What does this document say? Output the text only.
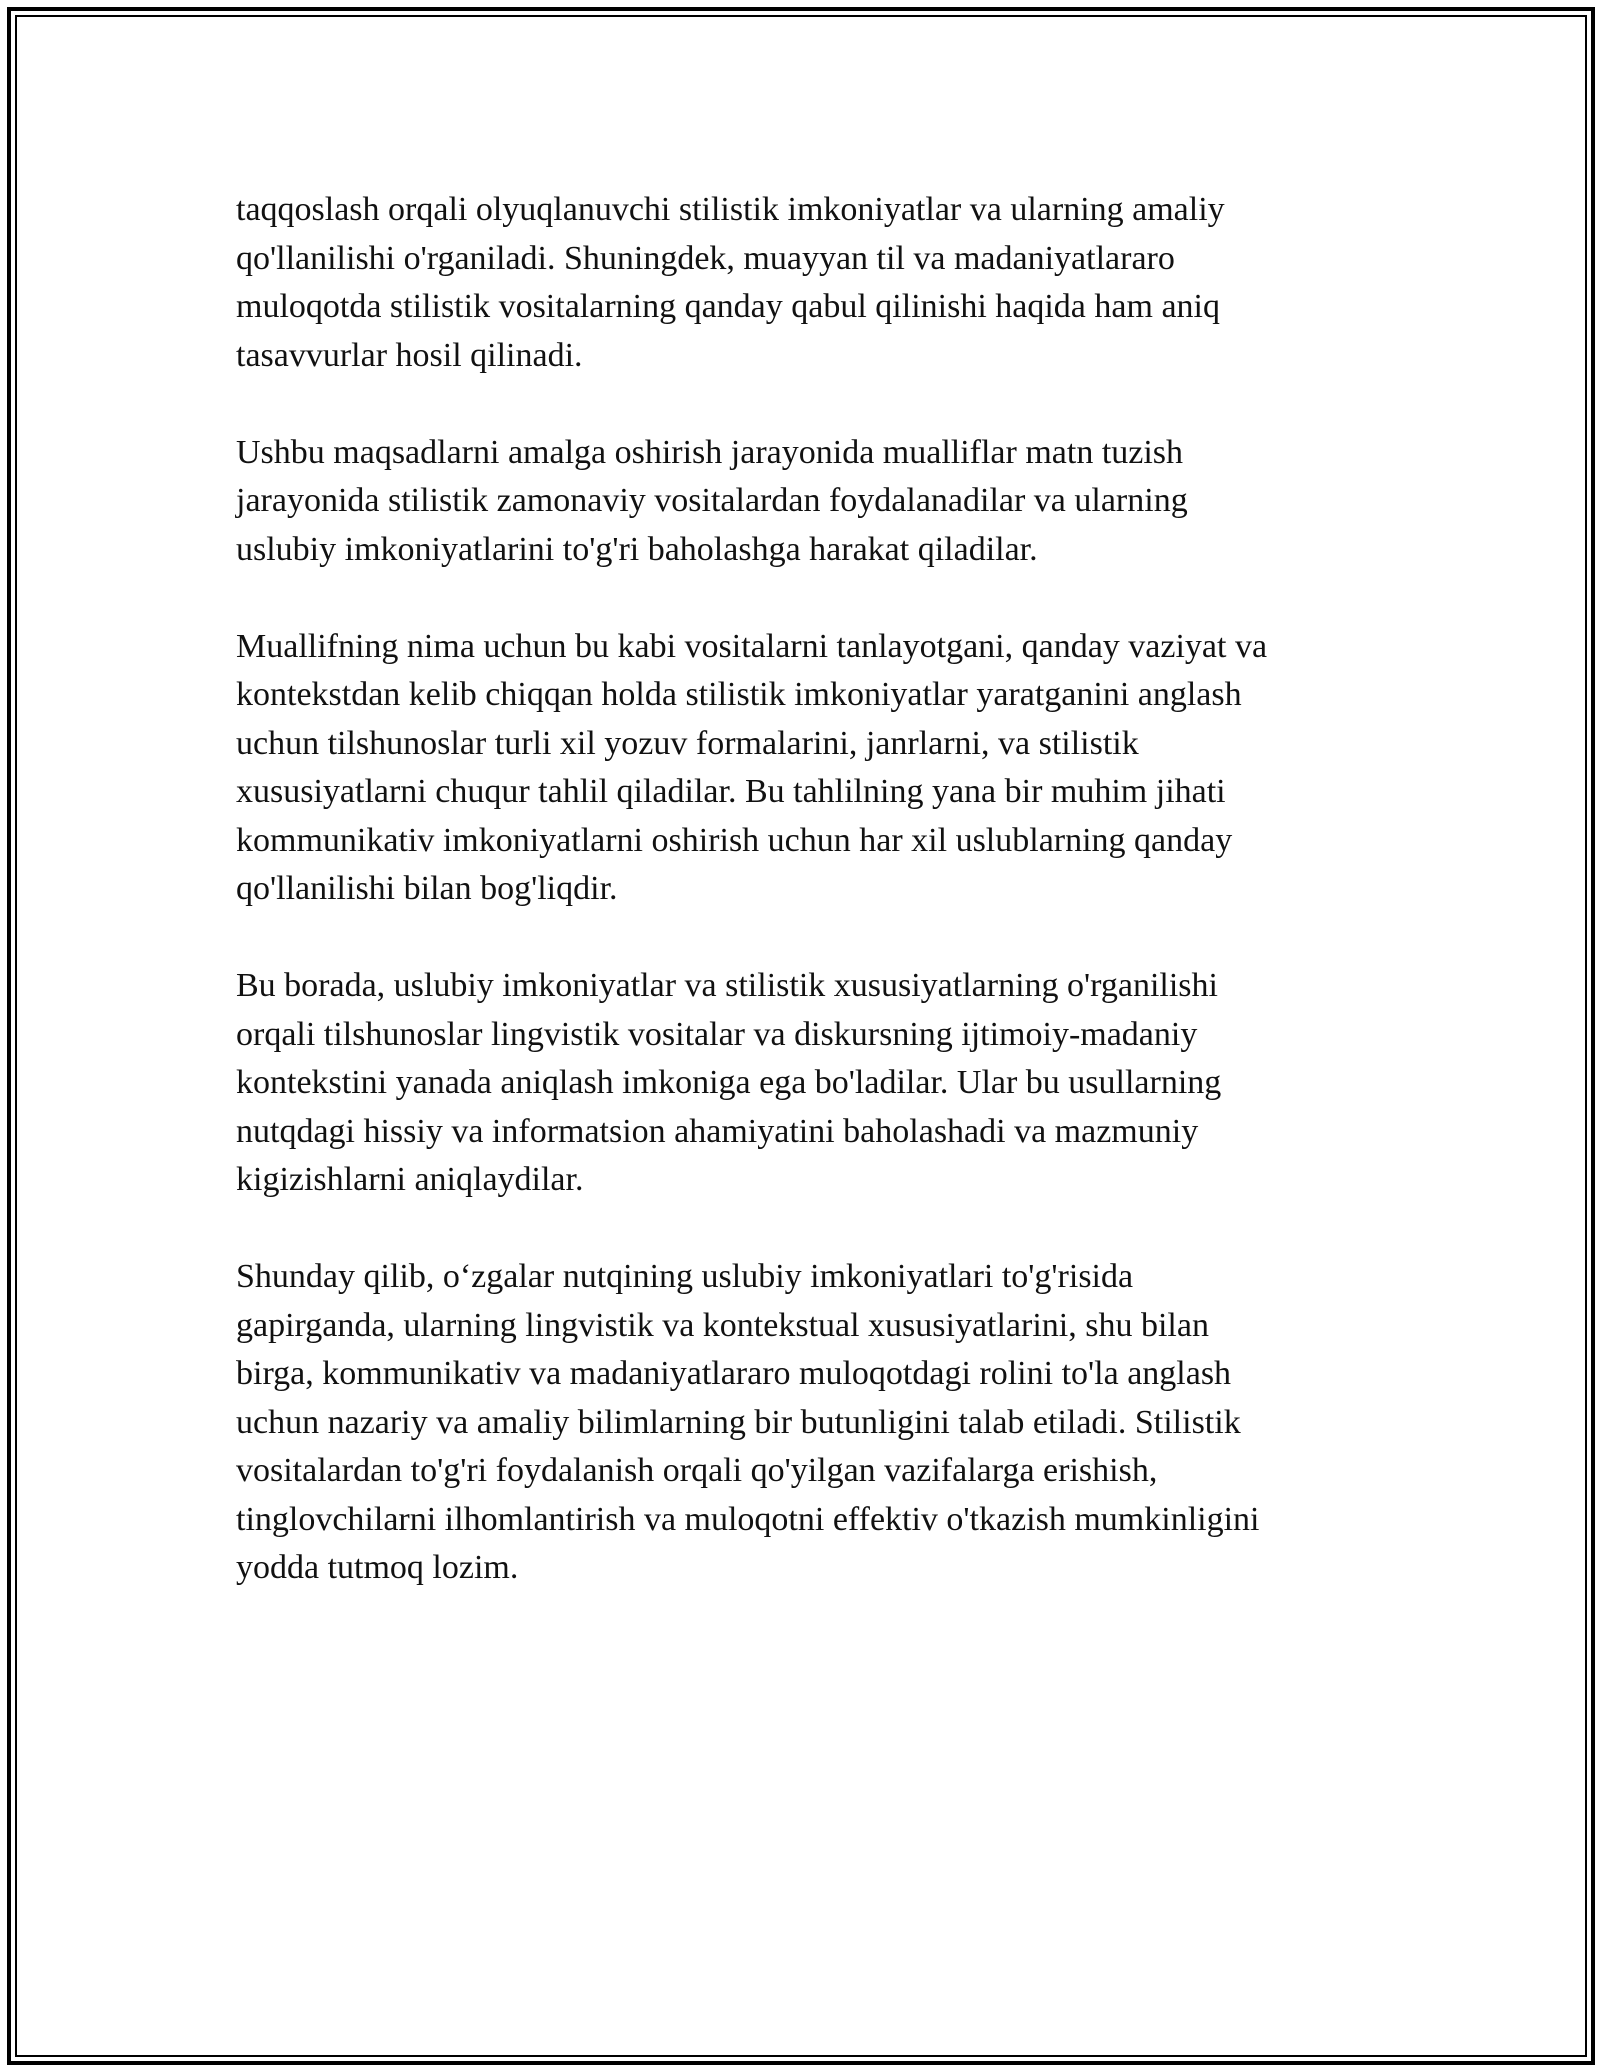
taqqoslash orqali olyuqlanuvchi stilistik imkoniyatlar va ularning amaliy
qo'llanilishi o'rganiladi. Shuningdek, muayyan til va madaniyatlararo
muloqotda stilistik vositalarning qanday qabul qilinishi haqida ham aniq
tasavvurlar hosil qilinadi.

Ushbu maqsadlarni amalga oshirish jarayonida mualliflar matn tuzish
jarayonida stilistik zamonaviy vositalardan foydalanadilar va ularning
uslubiy imkoniyatlarini to'g'ri baholashga harakat qiladilar.

Muallifning nima uchun bu kabi vositalarni tanlayotgani, qanday vaziyat va
kontekstdan kelib chiqqan holda stilistik imkoniyatlar yaratganini anglash
uchun tilshunoslar turli xil yozuv formalarini, janrlarni, va stilistik
xususiyatlarni chuqur tahlil qiladilar. Bu tahlilning yana bir muhim jihati
kommunikativ imkoniyatlarni oshirish uchun har xil uslublarning qanday
qo'llanilishi bilan bog'liqdir.

Bu borada, uslubiy imkoniyatlar va stilistik xususiyatlarning o'rganilishi
orqali tilshunoslar lingvistik vositalar va diskursning ijtimoiy-madaniy
kontekstini yanada aniqlash imkoniga ega bo'ladilar. Ular bu usullarning
nutqdagi hissiy va informatsion ahamiyatini baholashadi va mazmuniy
kigizishlarni aniqlaydilar.

Shunday qilib, o‘zgalar nutqining uslubiy imkoniyatlari to'g'risida
gapirganda, ularning lingvistik va kontekstual xususiyatlarini, shu bilan
birga, kommunikativ va madaniyatlararo muloqotdagi rolini to'la anglash
uchun nazariy va amaliy bilimlarning bir butunligini talab etiladi. Stilistik
vositalardan to'g'ri foydalanish orqali qo'yilgan vazifalarga erishish,
tinglovchilarni ilhomlantirish va muloqotni effektiv o'tkazish mumkinligini
yodda tutmoq lozim.
